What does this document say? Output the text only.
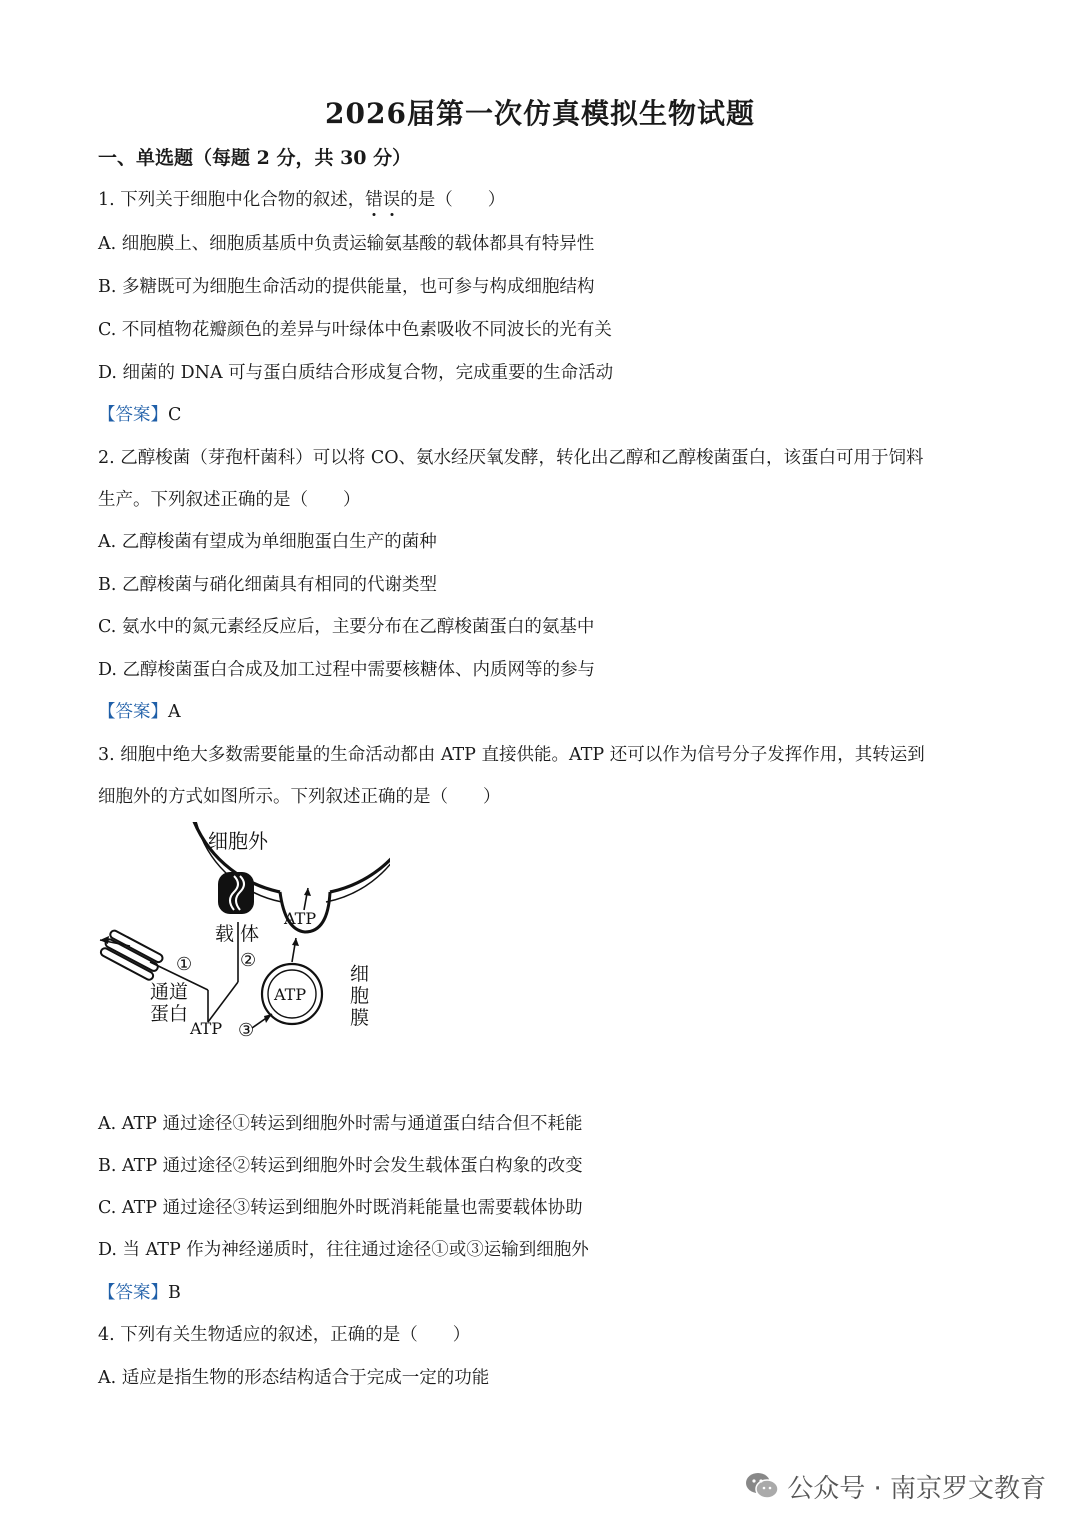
2026届第一次仿真模拟生物试题
一、单选题（每题 2 分，共 30 分）
1. 下列关于细胞中化合物的叙述，错误的是（　　）
A. 细胞膜上、细胞质基质中负责运输氨基酸的载体都具有特异性
B. 多糖既可为细胞生命活动的提供能量，也可参与构成细胞结构
C. 不同植物花瓣颜色的差异与叶绿体中色素吸收不同波长的光有关
D. 细菌的 DNA 可与蛋白质结合形成复合物，完成重要的生命活动
【答案】C
2. 乙醇梭菌（芽孢杆菌科）可以将 CO、氨水经厌氧发酵，转化出乙醇和乙醇梭菌蛋白，该蛋白可用于饲料
生产。下列叙述正确的是（　　）
A. 乙醇梭菌有望成为单细胞蛋白生产的菌种
B. 乙醇梭菌与硝化细菌具有相同的代谢类型
C. 氨水中的氮元素经反应后，主要分布在乙醇梭菌蛋白的氨基中
D. 乙醇梭菌蛋白合成及加工过程中需要核糖体、内质网等的参与
【答案】A
3. 细胞中绝大多数需要能量的生命活动都由 ATP 直接供能。ATP 还可以作为信号分子发挥作用，其转运到
细胞外的方式如图所示。下列叙述正确的是（　　）
细胞外
载 体
②
①
通道
蛋白
ATP ③
ATP
ATP
细
胞
膜
A. ATP 通过途径①转运到细胞外时需与通道蛋白结合但不耗能
B. ATP 通过途径②转运到细胞外时会发生载体蛋白构象的改变
C. ATP 通过途径③转运到细胞外时既消耗能量也需要载体协助
D. 当 ATP 作为神经递质时，往往通过途径①或③运输到细胞外
【答案】B
4. 下列有关生物适应的叙述，正确的是（　　）
A. 适应是指生物的形态结构适合于完成一定的功能
公众号 · 南京罗文教育
